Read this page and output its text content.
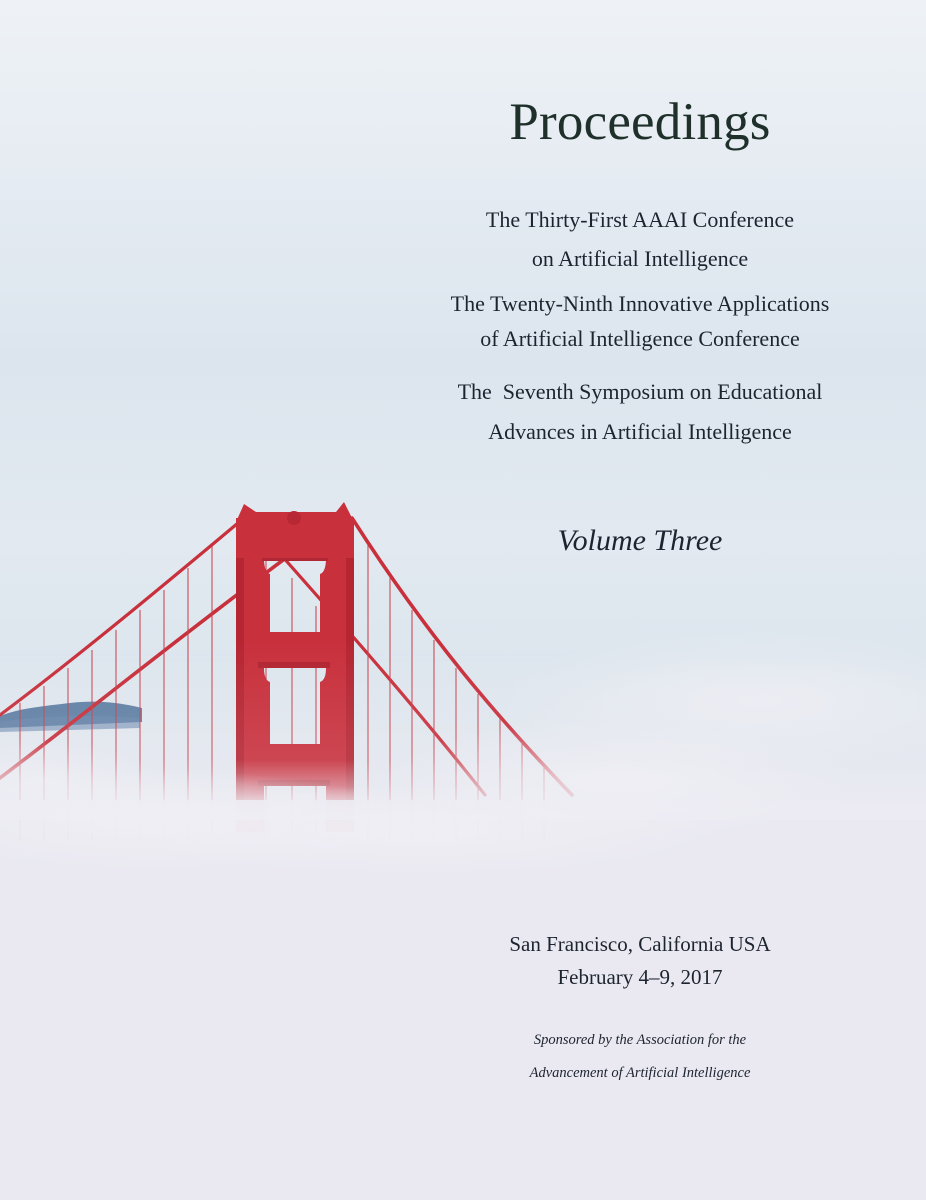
Proceedings
The Thirty-First AAAI Conference
on Artificial Intelligence
The Twenty-Ninth Innovative Applications
of Artificial Intelligence Conference
The  Seventh Symposium on Educational
Advances in Artificial Intelligence
Volume Three
San Francisco, California USA
February 4–9, 2017
Sponsored by the Association for the
Advancement of Artificial Intelligence
